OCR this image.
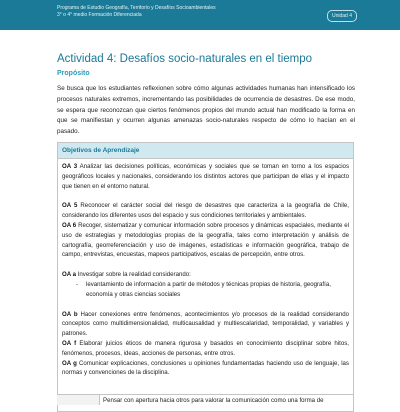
Programa de Estudio Geografía, Territorio y Desafíos Socioambientales
3° o 4° medio Formación Diferenciada	Unidad 4
Actividad 4: Desafíos socio-naturales en el tiempo
Propósito

Se busca que los estudiantes reflexionen sobre cómo algunas actividades humanas han intensificado los procesos naturales extremos, incrementando las posibilidades de ocurrencia de desastres. De ese modo, se espera que reconozcan que ciertos fenómenos propios del mundo actual han modificado la forma en que se manifiestan y ocurren algunas amenazas socio-naturales respecto de cómo lo hacían en el pasado.

Objetivos de Aprendizaje

OA 3 Analizar las decisiones políticas, económicas y sociales que se toman en torno a los espacios geográficos locales y nacionales, considerando los distintos actores que participan de ellas y el impacto que tienen en el entorno natural.

OA 5 Reconocer el carácter social del riesgo de desastres que caracteriza a la geografía de Chile, considerando los diferentes usos del espacio y sus condiciones territoriales y ambientales.

OA 6 Recoger, sistematizar y comunicar información sobre procesos y dinámicas espaciales, mediante el uso de estrategias y metodologías propias de la geografía, tales como interpretación y análisis de cartografía, georreferenciación y uso de imágenes, estadísticas e información geográfica, trabajo de campo, entrevistas, encuestas, mapeos participativos, escalas de percepción, entre otros.

OA a Investigar sobre la realidad considerando:

-	levantamiento de información a partir de métodos y técnicas propias de historia, geografía, economía y otras ciencias sociales

OA b Hacer conexiones entre fenómenos, acontecimientos y/o procesos de la realidad considerando conceptos como multidimensionalidad, multicausalidad y multiescalaridad, temporalidad, y variables y patrones.

OA f Elaborar juicios éticos de manera rigurosa y basados en conocimiento disciplinar sobre hitos, fenómenos, procesos, ideas, acciones de personas, entre otros.

OA g Comunicar explicaciones, conclusiones u opiniones fundamentadas haciendo uso de lenguaje, las normas y convenciones de la disciplina.

Pensar con apertura hacia otros para valorar la comunicación como una forma de
